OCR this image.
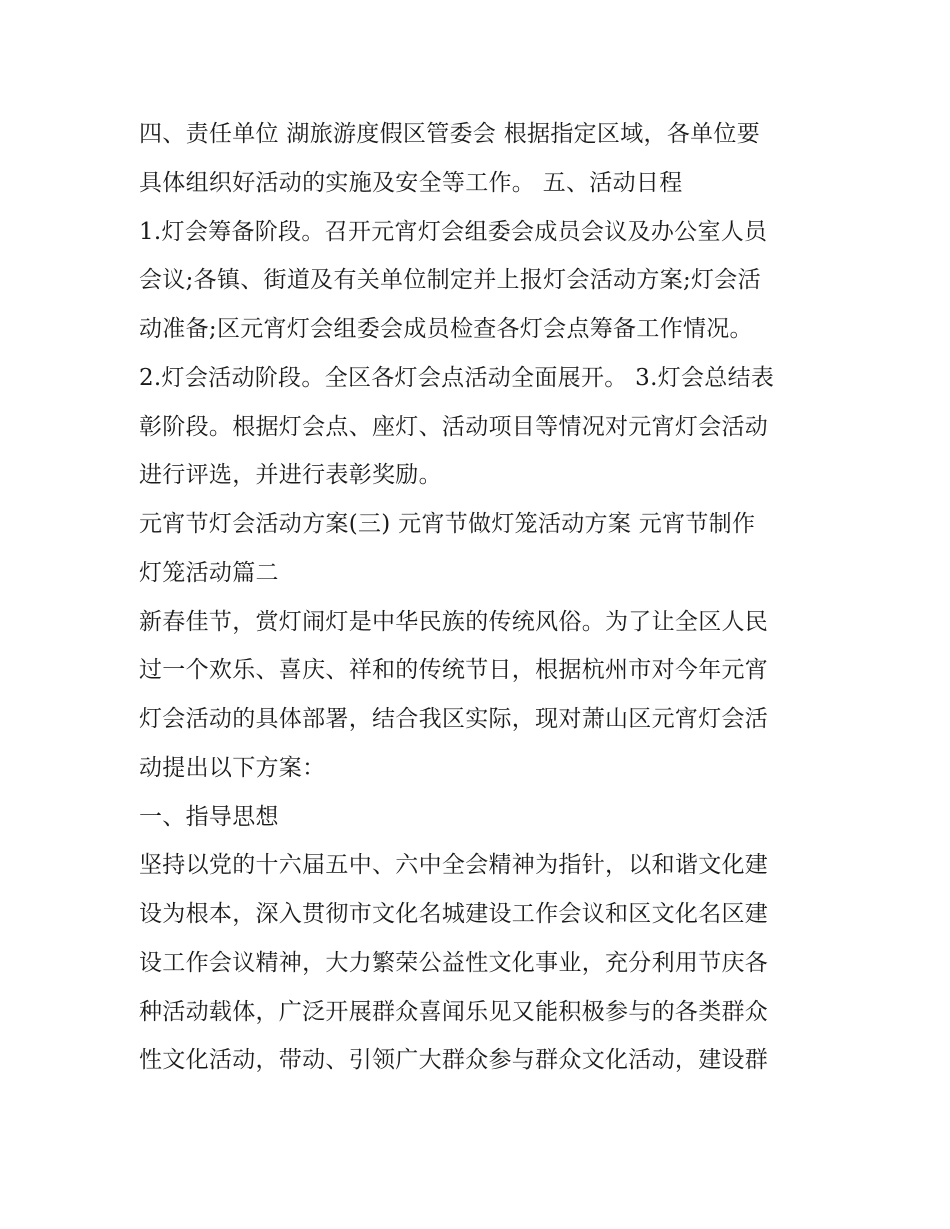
四、责任单位 湖旅游度假区管委会 根据指定区域，各单位要
具体组织好活动的实施及安全等工作。 五、活动日程
1.灯会筹备阶段。召开元宵灯会组委会成员会议及办公室人员
会议;各镇、街道及有关单位制定并上报灯会活动方案;灯会活
动准备;区元宵灯会组委会成员检查各灯会点筹备工作情况。
2.灯会活动阶段。全区各灯会点活动全面展开。 3.灯会总结表
彰阶段。根据灯会点、座灯、活动项目等情况对元宵灯会活动
进行评选，并进行表彰奖励。
元宵节灯会活动方案(三) 元宵节做灯笼活动方案 元宵节制作
灯笼活动篇二
新春佳节，赏灯闹灯是中华民族的传统风俗。为了让全区人民
过一个欢乐、喜庆、祥和的传统节日，根据杭州市对今年元宵
灯会活动的具体部署，结合我区实际，现对萧山区元宵灯会活
动提出以下方案：
一、指导思想
坚持以党的十六届五中、六中全会精神为指针，以和谐文化建
设为根本，深入贯彻市文化名城建设工作会议和区文化名区建
设工作会议精神，大力繁荣公益性文化事业，充分利用节庆各
种活动载体，广泛开展群众喜闻乐见又能积极参与的各类群众
性文化活动，带动、引领广大群众参与群众文化活动，建设群
